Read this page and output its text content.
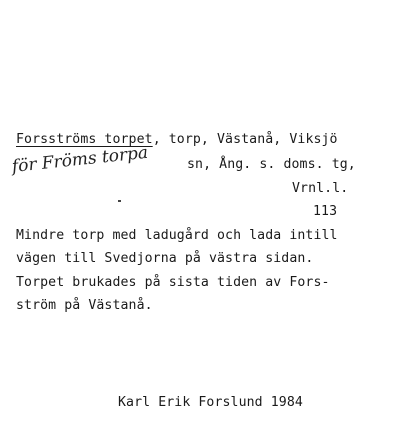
Forsströms torpet, torp, Västanå, Viksjö
för Fröms torpa	sn, Ång. s. doms. tg,
Vrnl.l.
113
Mindre torp med ladugård och lada intill
vägen till Svedjorna på västra sidan.
Torpet brukades på sista tiden av Fors-
ström på Västanå.
Karl Erik Forslund 1984
